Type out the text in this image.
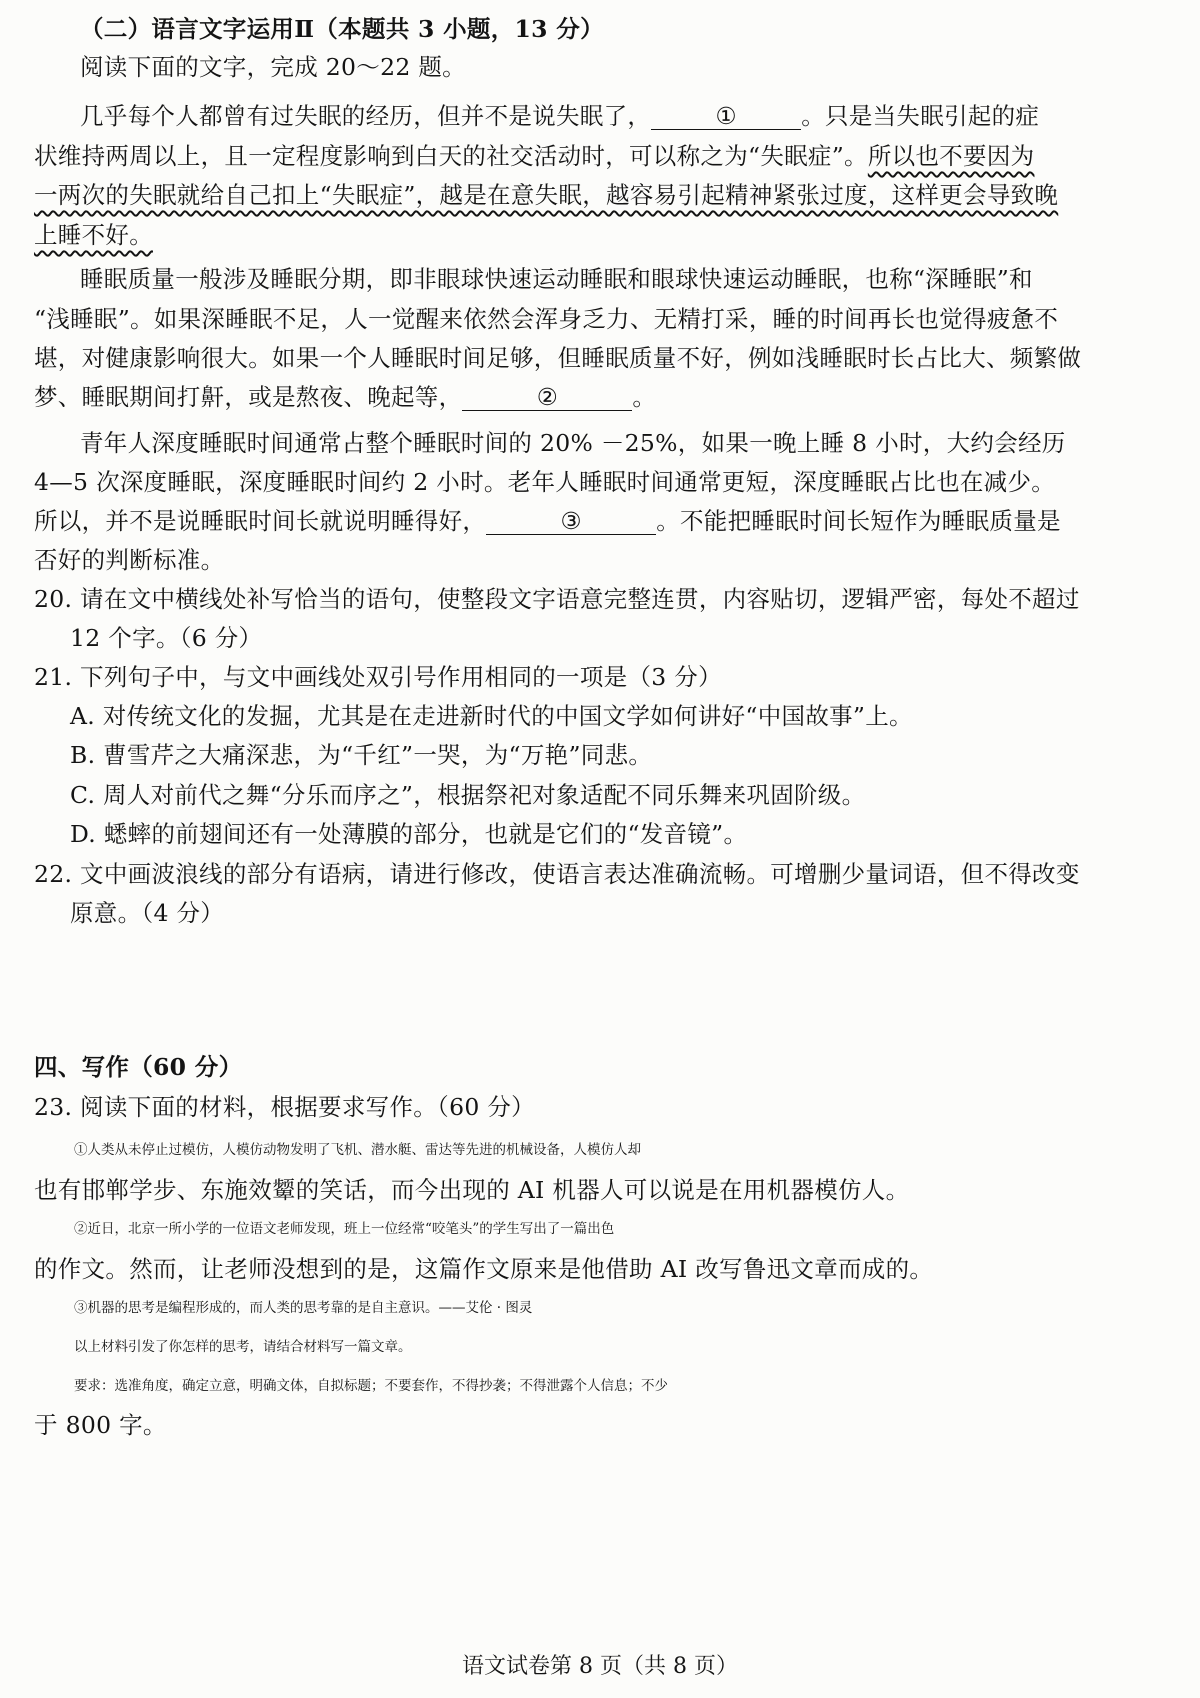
（二）语言文字运用Ⅱ（本题共 3 小题，13 分）
阅读下面的文字，完成 20～22 题。
几乎每个人都曾有过失眠的经历，但并不是说失眠了，	①	。只是当失眠引起的症
状维持两周以上，且一定程度影响到白天的社交活动时，可以称之为“失眠症”。所以也不要因为
一两次的失眠就给自己扣上“失眠症”，越是在意失眠，越容易引起精神紧张过度，这样更会导致晚
上睡不好。
睡眠质量一般涉及睡眠分期，即非眼球快速运动睡眠和眼球快速运动睡眠，也称“深睡眠”和
“浅睡眠”。如果深睡眠不足，人一觉醒来依然会浑身乏力、无精打采，睡的时间再长也觉得疲惫不
堪，对健康影响很大。如果一个人睡眠时间足够，但睡眠质量不好，例如浅睡眠时长占比大、频繁做
梦、睡眠期间打鼾，或是熬夜、晚起等，	②	。
青年人深度睡眠时间通常占整个睡眠时间的 20% －25%，如果一晚上睡 8 小时，大约会经历
4—5 次深度睡眠，深度睡眠时间约 2 小时。老年人睡眠时间通常更短，深度睡眠占比也在减少。
所以，并不是说睡眠时间长就说明睡得好，	③	。不能把睡眠时间长短作为睡眠质量是
否好的判断标准。
20. 请在文中横线处补写恰当的语句，使整段文字语意完整连贯，内容贴切，逻辑严密，每处不超过
12 个字。（6 分）
21. 下列句子中，与文中画线处双引号作用相同的一项是（3 分）
A. 对传统文化的发掘，尤其是在走进新时代的中国文学如何讲好“中国故事”上。
B. 曹雪芹之大痛深悲，为“千红”一哭，为“万艳”同悲。
C. 周人对前代之舞“分乐而序之”，根据祭祀对象适配不同乐舞来巩固阶级。
D. 蟋蟀的前翅间还有一处薄膜的部分，也就是它们的“发音镜”。
22. 文中画波浪线的部分有语病，请进行修改，使语言表达准确流畅。可增删少量词语，但不得改变
原意。（4 分）
四、写作（60 分）
23. 阅读下面的材料，根据要求写作。（60 分）
①人类从未停止过模仿，人模仿动物发明了飞机、潜水艇、雷达等先进的机械设备，人模仿人却
也有邯郸学步、东施效颦的笑话，而今出现的 AI 机器人可以说是在用机器模仿人。
②近日，北京一所小学的一位语文老师发现，班上一位经常“咬笔头”的学生写出了一篇出色
的作文。然而，让老师没想到的是，这篇作文原来是他借助 AI 改写鲁迅文章而成的。
③机器的思考是编程形成的，而人类的思考靠的是自主意识。——艾伦 · 图灵
以上材料引发了你怎样的思考，请结合材料写一篇文章。
要求：选准角度，确定立意，明确文体，自拟标题；不要套作，不得抄袭；不得泄露个人信息；不少
于 800 字。
语文试卷第 8 页（共 8 页）
